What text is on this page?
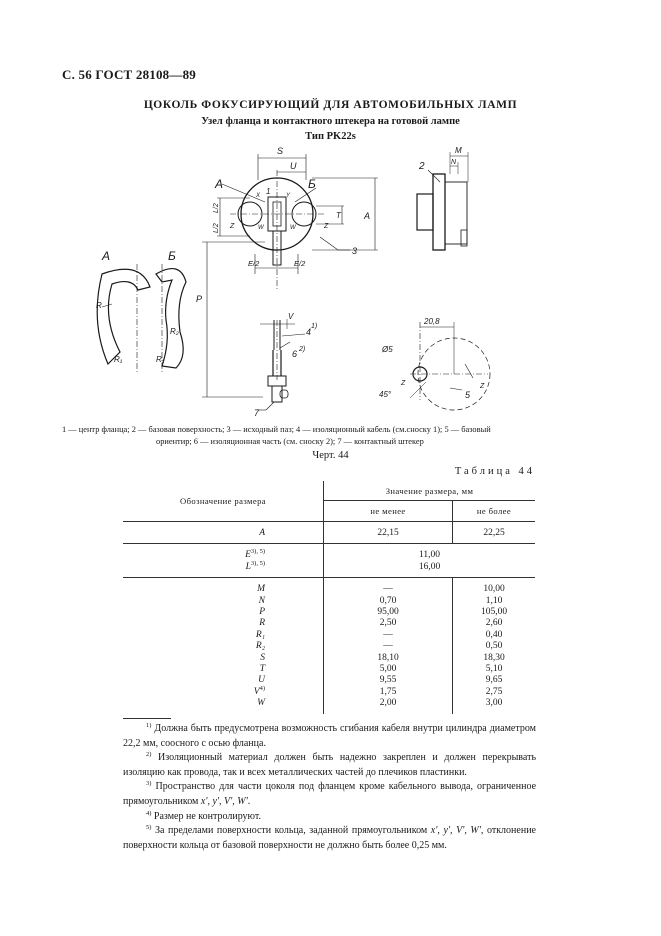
С. 56 ГОСТ 28108—89
ЦОКОЛЬ ФОКУСИРУЮЩИЙ ДЛЯ АВТОМОБИЛЬНЫХ ЛАМП
Узел фланца и контактного штекера на готовой лампе
Тип PK22s
А	Б
S
U
A
T
L/2
L/2
E/2	E/2
Z	Z
W	W
X	Y
1
3
P
V
4
1)
6 2)
7
А	Б
R
R₁	R₁
R₂
M
N
2
20,8
Ø5
45°
Z	Z
5
1 — центр фланца; 2 — базовая поверхность; 3 — исходный паз; 4 — изоляционный кабель (см.сноску 1); 5 — базовый
ориентир; 6 — изоляционная часть (см. сноску 2); 7 — контактный штекер
Черт. 44
Таблица 44
Обозначение размера	Значение размера, мм	
	не менее	не более
A	22,15	22,25
$E^{3), 5)}$	11,00	
$L^{3), 5)}$	16,00	
M	—	10,00
N	0,70	1,10
P	95,00	105,00
R	2,50	2,60
R₁	—	0,40
R₂	—	0,50
S	18,10	18,30
T	5,00	5,10
U	9,55	9,65
$V^{4)}$	1,75	2,75
W	2,00	3,00

$^{1)}$ Должна быть предусмотрена возможность сгибания кабеля внутри цилиндра диаметром 22,2 мм, соосного с осью фланца.

$^{2)}$ Изоляционный материал должен быть надежно закреплен и должен перекрывать изоляцию как провода, так и всех металлических частей до плечиков пластинки.

$^{3)}$ Пространство для части цоколя под фланцем кроме кабельного вывода, ограниченное прямоугольником x', y', V', W'.

$^{4)}$ Размер не контролируют.

$^{5)}$ За пределами поверхности кольца, заданной прямоугольником x', y', V', W', отклонение поверхности кольца от базовой поверхности не должно быть более 0,25 мм.
